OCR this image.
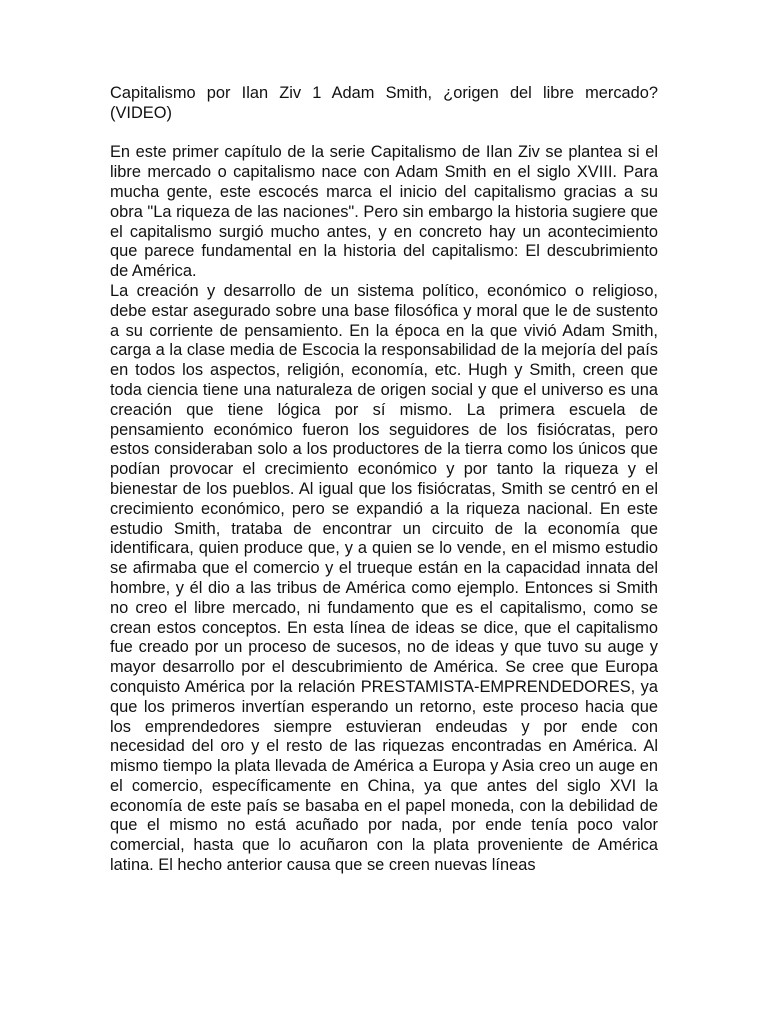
Capitalismo por Ilan Ziv 1 Adam Smith, ¿origen del libre mercado? (VIDEO)

En este primer capítulo de la serie Capitalismo de Ilan Ziv se plantea si el libre mercado o capitalismo nace con Adam Smith en el siglo XVIII. Para mucha gente, este escocés marca el inicio del capitalismo gracias a su obra "La riqueza de las naciones". Pero sin embargo la historia sugiere que el capitalismo surgió mucho antes, y en concreto hay un acontecimiento que parece fundamental en la historia del capitalismo: El descubrimiento de América.

La creación y desarrollo de un sistema político, económico o religioso, debe estar asegurado sobre una base filosófica y moral que le de sustento a su corriente de pensamiento. En la época en la que vivió Adam Smith, carga a la clase media de Escocia la responsabilidad de la mejoría del país en todos los aspectos, religión, economía, etc. Hugh y Smith, creen que toda ciencia tiene una naturaleza de origen social y que el universo es una creación que tiene lógica por sí mismo. La primera escuela de pensamiento económico fueron los seguidores de los fisiócratas, pero estos consideraban solo a los productores de la tierra como los únicos que podían provocar el crecimiento económico y por tanto la riqueza y el bienestar de los pueblos. Al igual que los fisiócratas, Smith se centró en el crecimiento económico, pero se expandió a la riqueza nacional. En este estudio Smith, trataba de encontrar un circuito de la economía que identificara, quien produce que, y a quien se lo vende, en el mismo estudio se afirmaba que el comercio y el trueque están en la capacidad innata del hombre, y él dio a las tribus de América como ejemplo. Entonces si Smith no creo el libre mercado, ni fundamento que es el capitalismo, como se crean estos conceptos. En esta línea de ideas se dice, que el capitalismo fue creado por un proceso de sucesos, no de ideas y que tuvo su auge y mayor desarrollo por el descubrimiento de América. Se cree que Europa conquisto América por la relación PRESTAMISTA-EMPRENDEDORES, ya que los primeros invertían esperando un retorno, este proceso hacia que los emprendedores siempre estuvieran endeudas y por ende con necesidad del oro y el resto de las riquezas encontradas en América. Al mismo tiempo la plata llevada de América a Europa y Asia creo un auge en el comercio, específicamente en China, ya que antes del siglo XVI la economía de este país se basaba en el papel moneda, con la debilidad de que el mismo no está acuñado por nada, por ende tenía poco valor comercial, hasta que lo acuñaron con la plata proveniente de América latina. El hecho anterior causa que se creen nuevas líneas
